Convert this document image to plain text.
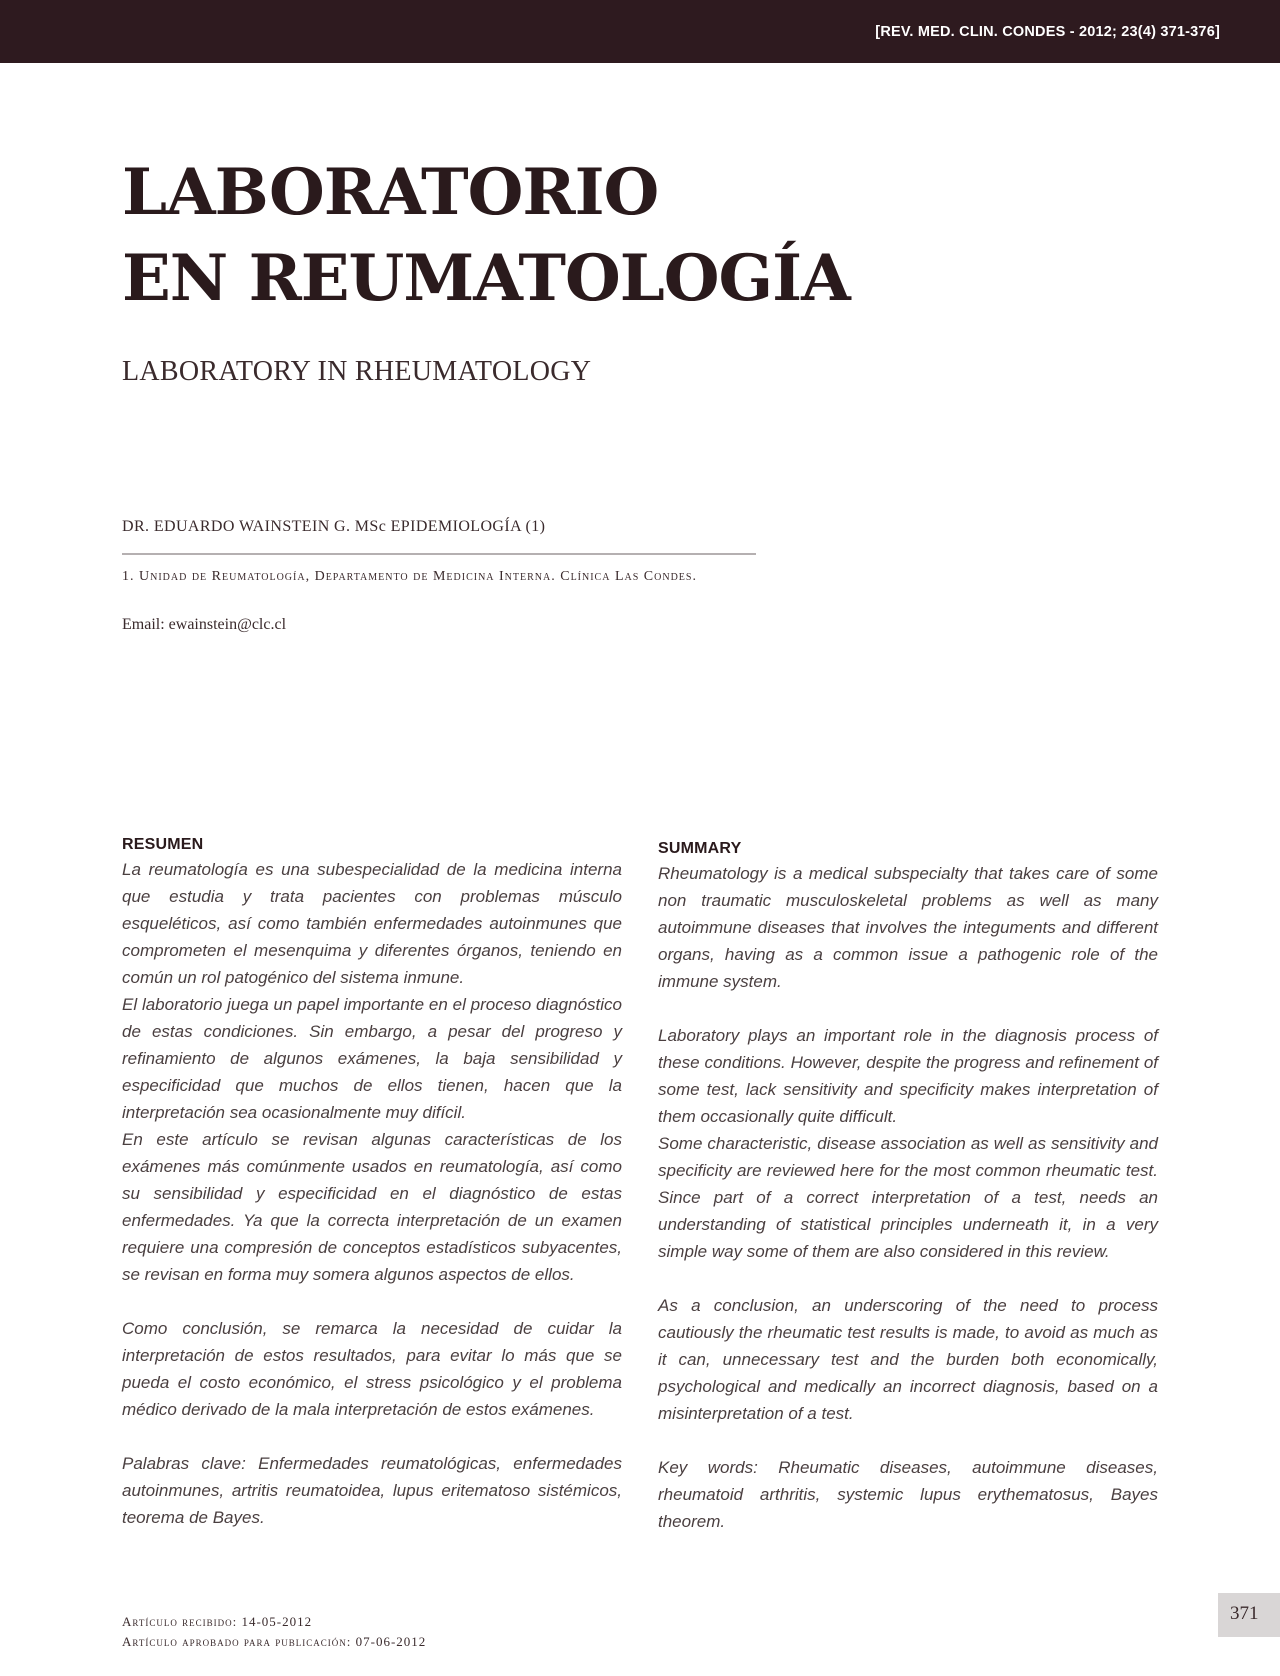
[REV. MED. CLIN. CONDES - 2012; 23(4) 371-376]
LABORATORIO
EN REUMATOLOGÍA
LABORATORY IN RHEUMATOLOGY
DR. EDUARDO WAINSTEIN G. MSc EPIDEMIOLOGÍA (1)
1. Unidad de Reumatología, Departamento de Medicina Interna. Clínica Las Condes.
Email: ewainstein@clc.cl
RESUMEN

La reumatología es una subespecialidad de la medicina interna que estudia y trata pacientes con problemas músculo esqueléticos, así como también enfermedades autoinmunes que comprometen el mesenquima y diferentes órganos, teniendo en común un rol patogénico del sistema inmune.

El laboratorio juega un papel importante en el proceso diagnóstico de estas condiciones. Sin embargo, a pesar del progreso y refinamiento de algunos exámenes, la baja sensibilidad y especificidad que muchos de ellos tienen, hacen que la interpretación sea ocasionalmente muy difícil.

En este artículo se revisan algunas características de los exámenes más comúnmente usados en reumatología, así como su sensibilidad y especificidad en el diagnóstico de estas enfermedades. Ya que la correcta interpretación de un examen requiere una compresión de conceptos estadísticos subyacentes, se revisan en forma muy somera algunos aspectos de ellos.

Como conclusión, se remarca la necesidad de cuidar la interpretación de estos resultados, para evitar lo más que se pueda el costo económico, el stress psicológico y el problema médico derivado de la mala interpretación de estos exámenes.

Palabras clave: Enfermedades reumatológicas, enfermedades autoinmunes, artritis reumatoidea, lupus eritematoso sistémicos, teorema de Bayes.

SUMMARY

Rheumatology is a medical subspecialty that takes care of some non traumatic musculoskeletal problems as well as many autoimmune diseases that involves the integuments and different organs, having as a common issue a pathogenic role of the immune system.

Laboratory plays an important role in the diagnosis process of these conditions. However, despite the progress and refinement of some test, lack sensitivity and specificity makes interpretation of them occasionally quite difficult.

Some characteristic, disease association as well as sensitivity and specificity are reviewed here for the most common rheumatic test. Since part of a correct interpretation of a test, needs an understanding of statistical principles underneath it, in a very simple way some of them are also considered in this review.

As a conclusion, an underscoring of the need to process cautiously the rheumatic test results is made, to avoid as much as it can, unnecessary test and the burden both economically, psychological and medically an incorrect diagnosis, based on a misinterpretation of a test.

Key words: Rheumatic diseases, autoimmune diseases, rheumatoid arthritis, systemic lupus erythematosus, Bayes theorem.

Artículo recibido: 14-05-2012
Artículo aprobado para publicación: 07-06-2012
371
